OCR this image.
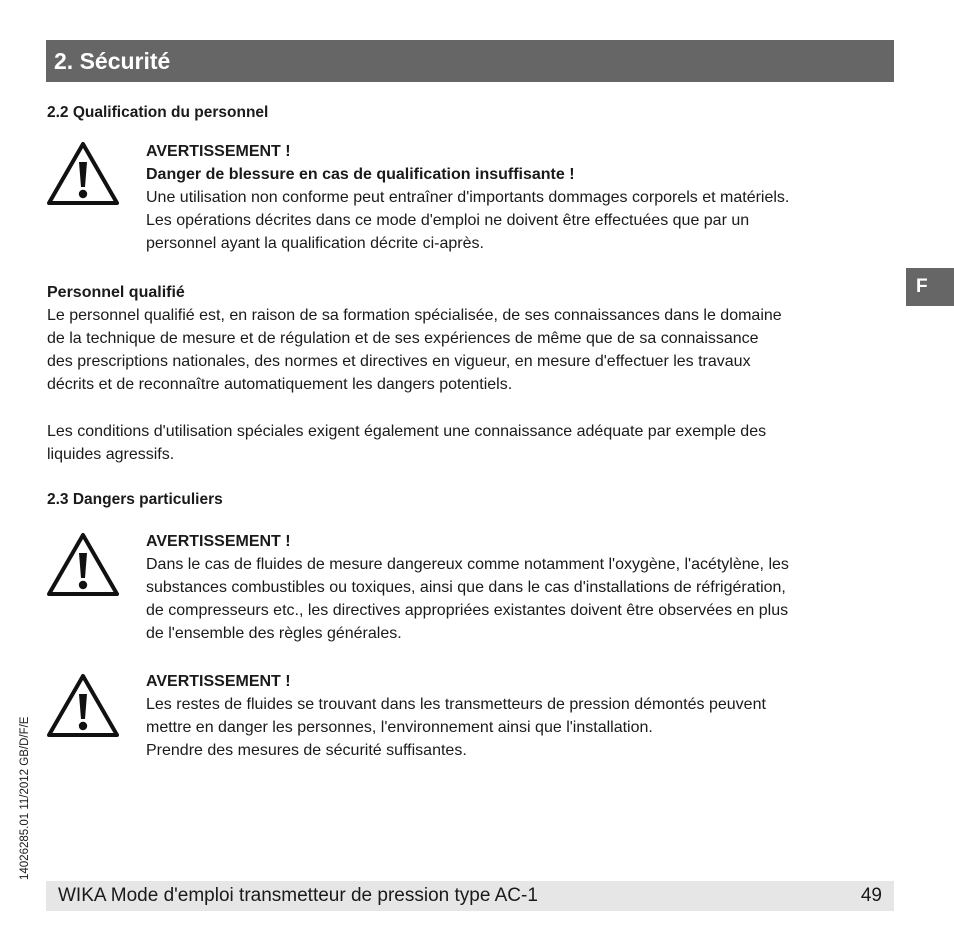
2. Sécurité
2.2 Qualification du personnel

AVERTISSEMENT !

Danger de blessure en cas de qualification insuffisante !

Une utilisation non conforme peut entraîner d'importants dommages corporels et matériels.

Les opérations décrites dans ce mode d'emploi ne doivent être effectuées que par un

personnel ayant la qualification décrite ci-après.

Personnel qualifié
Le personnel qualifié est, en raison de sa formation spécialisée, de ses connaissances dans le domaine
de la technique de mesure et de régulation et de ses expériences de même que de sa connaissance
des prescriptions nationales, des normes et directives en vigueur, en mesure d'effectuer les travaux
décrits et de reconnaître automatiquement les dangers potentiels.
Les conditions d'utilisation spéciales exigent également une connaissance adéquate par exemple des
liquides agressifs.
2.3 Dangers particuliers

AVERTISSEMENT !

Dans le cas de fluides de mesure dangereux comme notamment l'oxygène, l'acétylène, les

substances combustibles ou toxiques, ainsi que dans le cas d'installations de réfrigération,

de compresseurs etc., les directives appropriées existantes doivent être observées en plus

de l'ensemble des règles générales.

AVERTISSEMENT !

Les restes de fluides se trouvant dans les transmetteurs de pression démontés peuvent

mettre en danger les personnes, l'environnement ainsi que l'installation.

Prendre des mesures de sécurité suffisantes.

F
14026285.01 11/2012 GB/D/F/E
WIKA Mode d'emploi transmetteur de pression type AC-1	49
